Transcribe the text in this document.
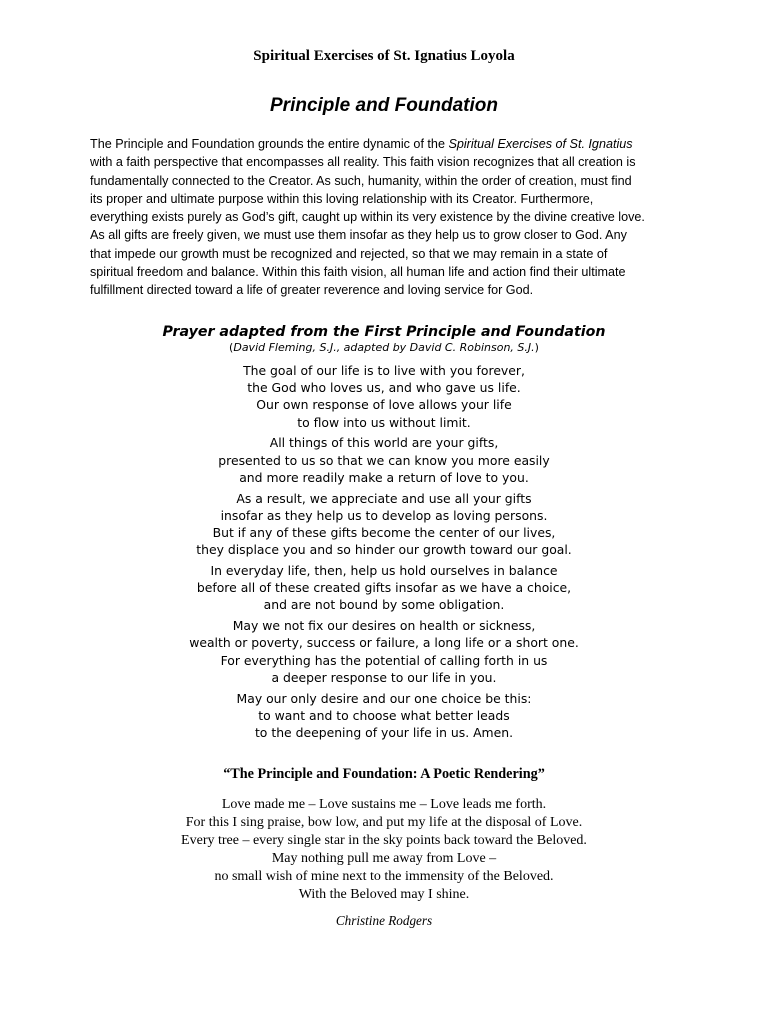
Spiritual Exercises of St. Ignatius Loyola
Principle and Foundation
The Principle and Foundation grounds the entire dynamic of the Spiritual Exercises of St. Ignatius
with a faith perspective that encompasses all reality. This faith vision recognizes that all creation is
fundamentally connected to the Creator. As such, humanity, within the order of creation, must find
its proper and ultimate purpose within this loving relationship with its Creator. Furthermore,
everything exists purely as God’s gift, caught up within its very existence by the divine creative love.
As all gifts are freely given, we must use them insofar as they help us to grow closer to God. Any
that impede our growth must be recognized and rejected, so that we may remain in a state of
spiritual freedom and balance. Within this faith vision, all human life and action find their ultimate
fulfillment directed toward a life of greater reverence and loving service for God.
Prayer adapted from the First Principle and Foundation
(David Fleming, S.J., adapted by David C. Robinson, S.J.)
The goal of our life is to live with you forever,
the God who loves us, and who gave us life.
Our own response of love allows your life
to flow into us without limit.
All things of this world are your gifts,
presented to us so that we can know you more easily
and more readily make a return of love to you.
As a result, we appreciate and use all your gifts
insofar as they help us to develop as loving persons.
But if any of these gifts become the center of our lives,
they displace you and so hinder our growth toward our goal.
In everyday life, then, help us hold ourselves in balance
before all of these created gifts insofar as we have a choice,
and are not bound by some obligation.
May we not fix our desires on health or sickness,
wealth or poverty, success or failure, a long life or a short one.
For everything has the potential of calling forth in us
a deeper response to our life in you.
May our only desire and our one choice be this:
to want and to choose what better leads
to the deepening of your life in us. Amen.
“The Principle and Foundation: A Poetic Rendering”
Love made me – Love sustains me – Love leads me forth.
For this I sing praise, bow low, and put my life at the disposal of Love.
Every tree – every single star in the sky points back toward the Beloved.
May nothing pull me away from Love –
no small wish of mine next to the immensity of the Beloved.
With the Beloved may I shine.
Christine Rodgers
